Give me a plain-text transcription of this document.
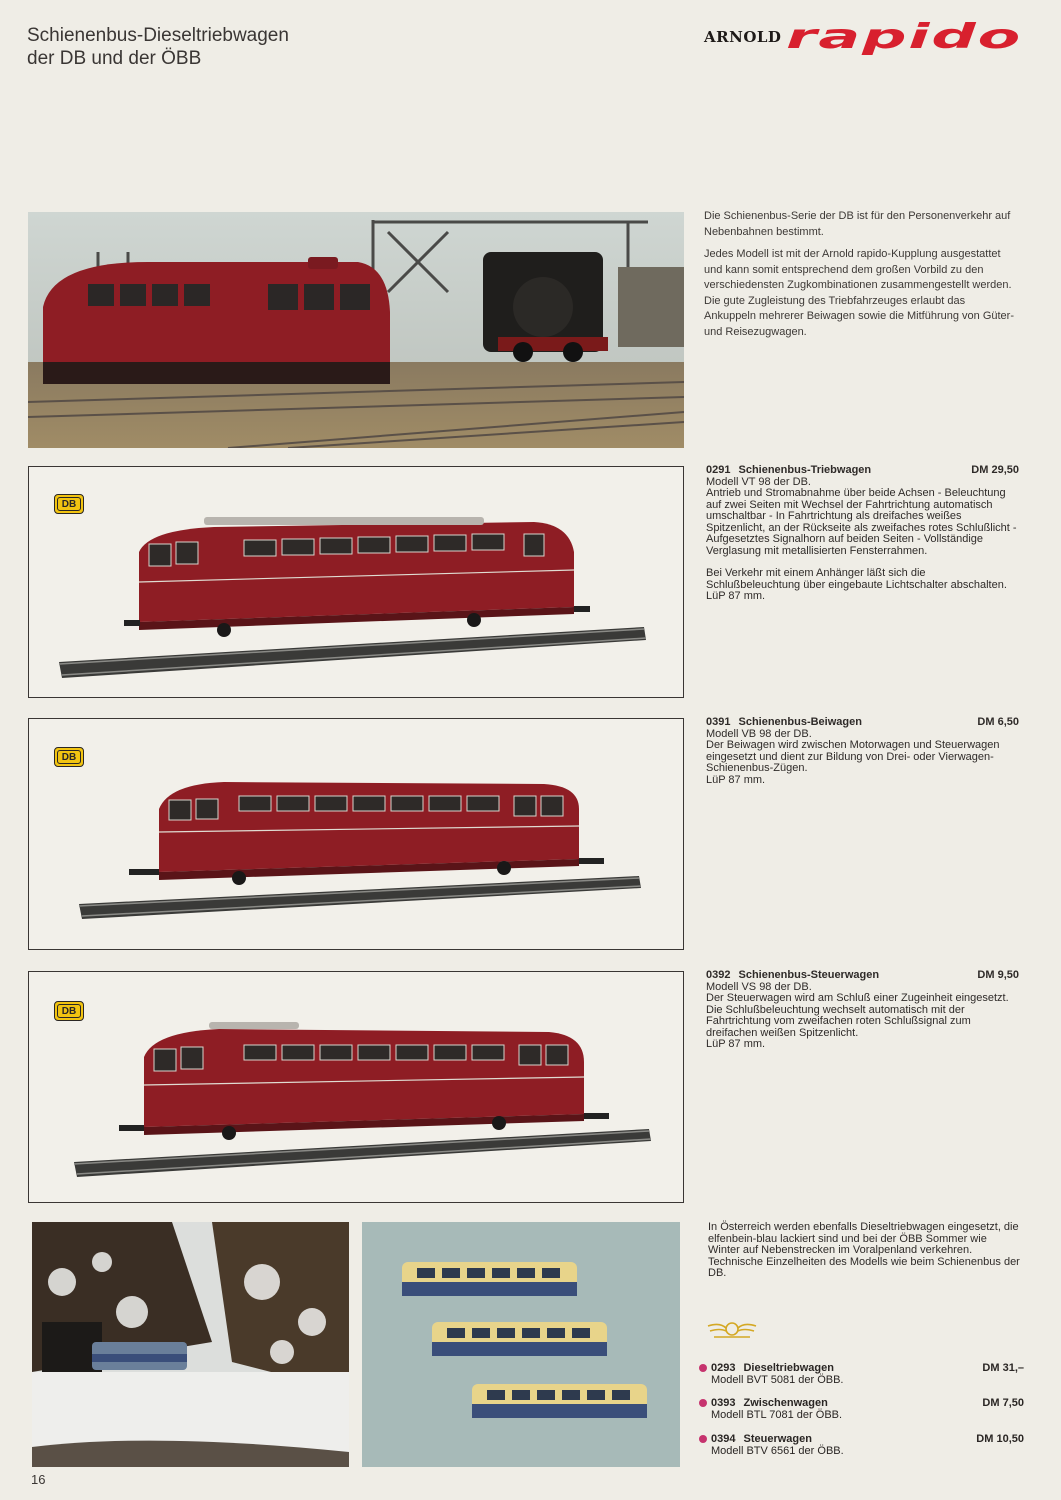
Schienenbus-Dieseltriebwagen
der DB und der ÖBB
ARNOLD rapido

Die Schienenbus-Serie der DB ist für den Personenverkehr auf Nebenbahnen bestimmt.

Jedes Modell ist mit der Arnold rapido-Kupplung ausgestattet und kann somit entsprechend dem großen Vorbild zu den verschiedensten Zugkombinationen zusammengestellt werden. Die gute Zugleistung des Triebfahrzeuges erlaubt das Ankuppeln mehrerer Beiwagen sowie die Mitführung von Güter- und Reisezugwagen.

DB
0291 Schienenbus-Triebwagen	DM 29,50
Modell VT 98 der DB.
Antrieb und Stromabnahme über beide Achsen - Beleuchtung auf zwei Seiten mit Wechsel der Fahrtrichtung automatisch umschaltbar - In Fahrtrichtung als dreifaches weißes Spitzenlicht, an der Rückseite als zweifaches rotes Schlußlicht - Aufgesetztes Signalhorn auf beiden Seiten - Vollständige Verglasung mit metallisierten Fensterrahmen.
Bei Verkehr mit einem Anhänger läßt sich die Schlußbeleuchtung über eingebaute Lichtschalter abschalten.
LüP 87 mm.
DB
0391 Schienenbus-Beiwagen	DM 6,50
Modell VB 98 der DB.
Der Beiwagen wird zwischen Motorwagen und Steuerwagen eingesetzt und dient zur Bildung von Drei- oder Vierwagen-Schienenbus-Zügen.
LüP 87 mm.
DB
0392 Schienenbus-Steuerwagen	DM 9,50
Modell VS 98 der DB.
Der Steuerwagen wird am Schluß einer Zugeinheit eingesetzt.
Die Schlußbeleuchtung wechselt automatisch mit der Fahrtrichtung vom zweifachen roten Schlußsignal zum dreifachen weißen Spitzenlicht.
LüP 87 mm.
In Österreich werden ebenfalls Dieseltriebwagen eingesetzt, die elfenbein-blau lackiert sind und bei der ÖBB Sommer wie Winter auf Nebenstrecken im Voralpenland verkehren. Technische Einzelheiten des Modells wie beim Schienenbus der DB.
0293 Dieseltriebwagen	DM 31,–
Modell BVT 5081 der ÖBB.
0393 Zwischenwagen	DM 7,50
Modell BTL 7081 der ÖBB.
0394 Steuerwagen	DM 10,50
Modell BTV 6561 der ÖBB.
16
